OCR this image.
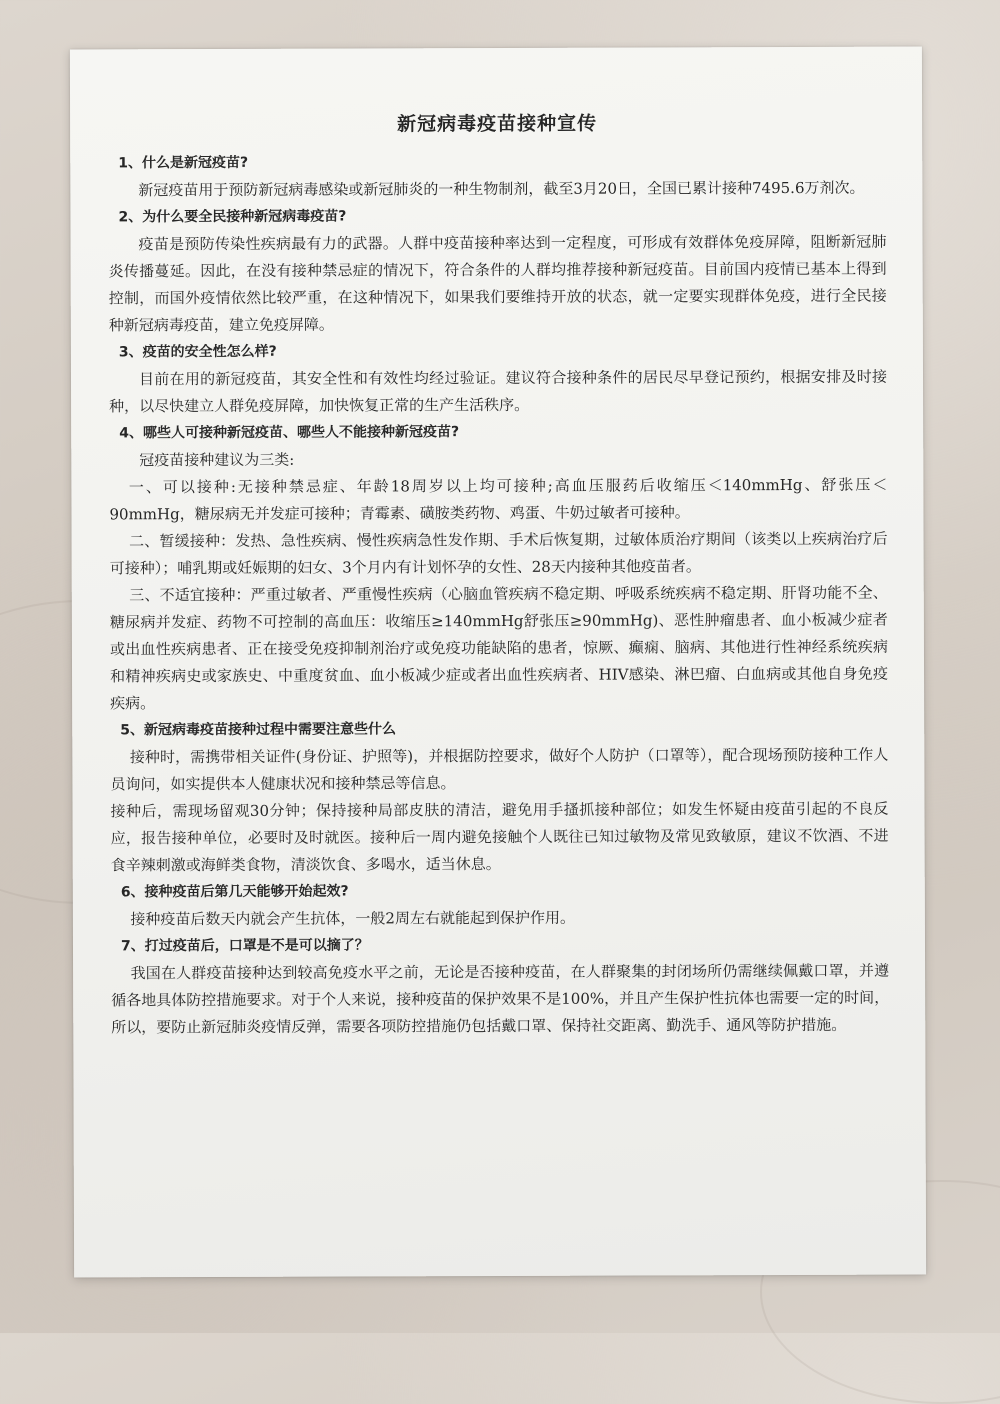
新冠病毒疫苗接种宣传

1、什么是新冠疫苗?

新冠疫苗用于预防新冠病毒感染或新冠肺炎的一种生物制剂，截至3月20日，全国已累计接种7495.6万剂次。

2、为什么要全民接种新冠病毒疫苗?

疫苗是预防传染性疾病最有力的武器。人群中疫苗接种率达到一定程度，可形成有效群体免疫屏障，阻断新冠肺炎传播蔓延。因此，在没有接种禁忌症的情况下，符合条件的人群均推荐接种新冠疫苗。目前国内疫情已基本上得到控制，而国外疫情依然比较严重，在这种情况下，如果我们要维持开放的状态，就一定要实现群体免疫，进行全民接种新冠病毒疫苗，建立免疫屏障。

3、疫苗的安全性怎么样?

目前在用的新冠疫苗，其安全性和有效性均经过验证。建议符合接种条件的居民尽早登记预约，根据安排及时接种，以尽快建立人群免疫屏障，加快恢复正常的生产生活秩序。

4、哪些人可接种新冠疫苗、哪些人不能接种新冠疫苗?

冠疫苗接种建议为三类:

一、可以接种:无接种禁忌症、年龄18周岁以上均可接种;高血压服药后收缩压＜140mmHg、舒张压＜90mmHg，糖尿病无并发症可接种；青霉素、磺胺类药物、鸡蛋、牛奶过敏者可接种。

二、暂缓接种：发热、急性疾病、慢性疾病急性发作期、手术后恢复期，过敏体质治疗期间（该类以上疾病治疗后可接种）；哺乳期或妊娠期的妇女、3个月内有计划怀孕的女性、28天内接种其他疫苗者。

三、不适宜接种：严重过敏者、严重慢性疾病（心脑血管疾病不稳定期、呼吸系统疾病不稳定期、肝肾功能不全、糖尿病并发症、药物不可控制的高血压：收缩压≥140mmHg舒张压≥90mmHg)、恶性肿瘤患者、血小板减少症者或出血性疾病患者、正在接受免疫抑制剂治疗或免疫功能缺陷的患者，惊厥、癫痫、脑病、其他进行性神经系统疾病和精神疾病史或家族史、中重度贫血、血小板减少症或者出血性疾病者、HIV感染、淋巴瘤、白血病或其他自身免疫疾病。

5、新冠病毒疫苗接种过程中需要注意些什么

接种时，需携带相关证件(身份证、护照等)，并根据防控要求，做好个人防护（口罩等），配合现场预防接种工作人员询问，如实提供本人健康状况和接种禁忌等信息。

接种后，需现场留观30分钟；保持接种局部皮肤的清洁，避免用手搔抓接种部位；如发生怀疑由疫苗引起的不良反应，报告接种单位，必要时及时就医。接种后一周内避免接触个人既往已知过敏物及常见致敏原，建议不饮酒、不进食辛辣刺激或海鲜类食物，清淡饮食、多喝水，适当休息。

6、接种疫苗后第几天能够开始起效?

接种疫苗后数天内就会产生抗体，一般2周左右就能起到保护作用。

7、打过疫苗后，口罩是不是可以摘了？

我国在人群疫苗接种达到较高免疫水平之前，无论是否接种疫苗，在人群聚集的封闭场所仍需继续佩戴口罩，并遵循各地具体防控措施要求。对于个人来说，接种疫苗的保护效果不是100%，并且产生保护性抗体也需要一定的时间，所以，要防止新冠肺炎疫情反弹，需要各项防控措施仍包括戴口罩、保持社交距离、勤洗手、通风等防护措施。
